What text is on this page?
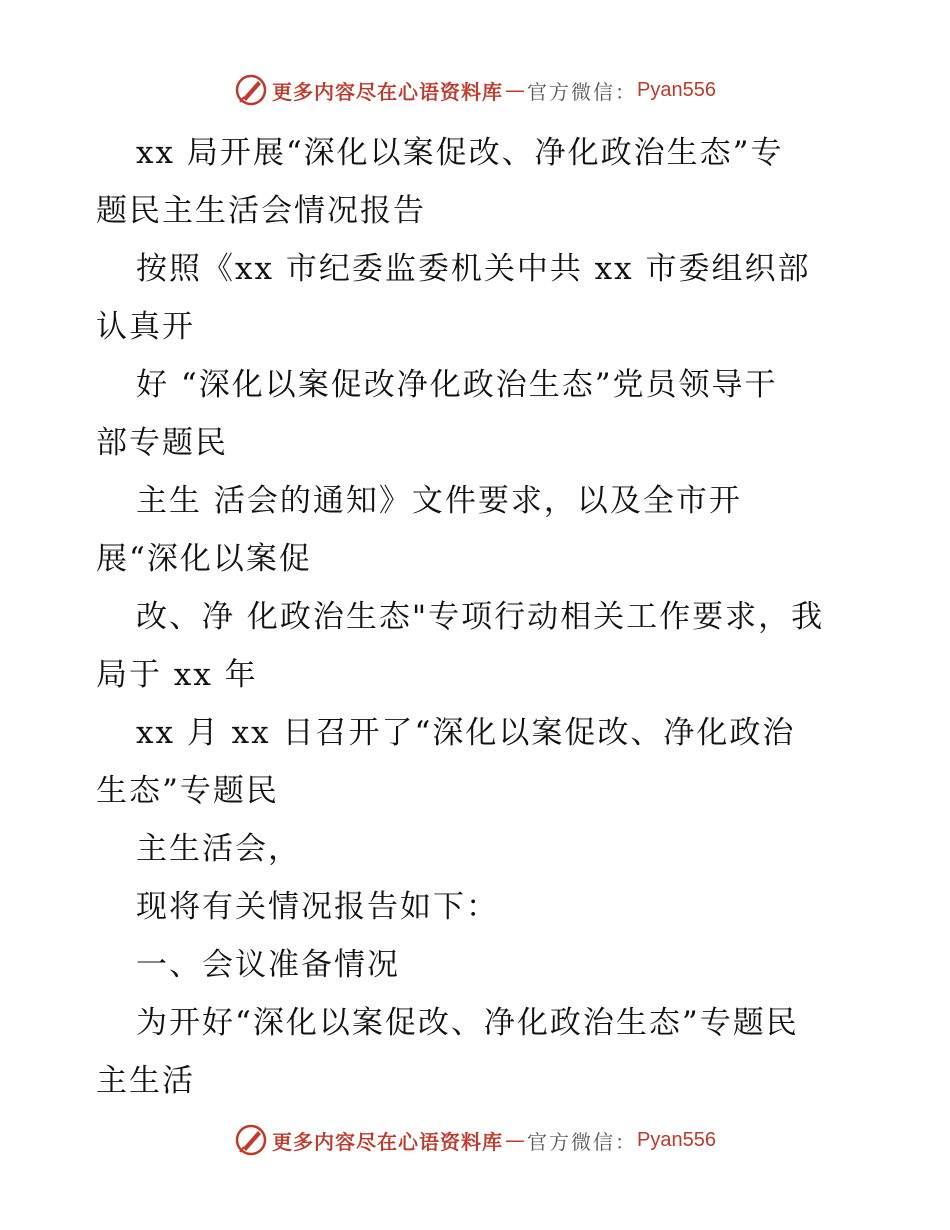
更多内容尽在心语资料库 — 官方微信： Pyan556
xx 局开展“深化以案促改、净化政治生态”专
题民主生活会情况报告
按照《xx 市纪委监委机关中共 xx 市委组织部
认真开
好 “深化以案促改净化政治生态”党员领导干
部专题民
主生 活会的通知》文件要求，以及全市开
展“深化以案促
改、净 化政治生态"专项行动相关工作要求，我
局于 xx 年
xx 月 xx 日召开了“深化以案促改、净化政治
生态”专题民
主生活会，
现将有关情况报告如下：
一、会议准备情况
为开好“深化以案促改、净化政治生态”专题民
主生活
更多内容尽在心语资料库 — 官方微信： Pyan556
